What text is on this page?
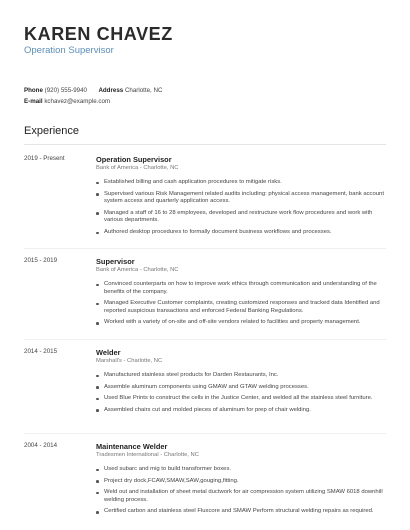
KAREN CHAVEZ
Operation Supervisor
Phone (920) 555-9940 Address Charlotte, NC
E-mail kchavez@example.com
Experience
2019 - Present	Operation Supervisor
Bank of America - Charlotte, NC
Established billing and cash application procedures to mitigate risks.
Supervised various Risk Management related audits including: physical access management, bank account system access and quarterly application access.
Managed a staff of 16 to 28 employees, developed and restructure work flow procedures and work with various departments.
Authored desktop procedures to formally document business workflows and processes.
2015 - 2019	Supervisor
Bank of America - Charlotte, NC
Convinced counterparts on how to improve work ethics through communication and understanding of the benefits of the company.
Managed Executive Customer complaints, creating customized responses and tracked data Identified and reported suspicious transactions and enforced Federal Banking Regulations.
Worked with a variety of on-site and off-site vendors related to facilities and property management.
2014 - 2015	Welder
Marshall's - Charlotte, NC
Manufactured stainless steel products for Darden Restaurants, Inc.
Assemble aluminum components using GMAW and GTAW welding processes.
Used Blue Prints to construct the cells in the Justice Center, and welded all the stainless steel furniture.
Assembled chairs cut and molded pieces of aluminum for prep of chair welding.
2004 - 2014	Maintenance Welder
Tradesmen International - Charlotte, NC
Used subarc and mig to build transformer boxes.
Project dry dock,FCAW,SMAW,SAW,gouging,fitting.
Weld out and installation of sheet metal ductwork for air compression system utilizing SMAW 6018 downhill welding process.
Certified carbon and stainless steel Fluxcore and SMAW Perform structural welding repairs as required.
